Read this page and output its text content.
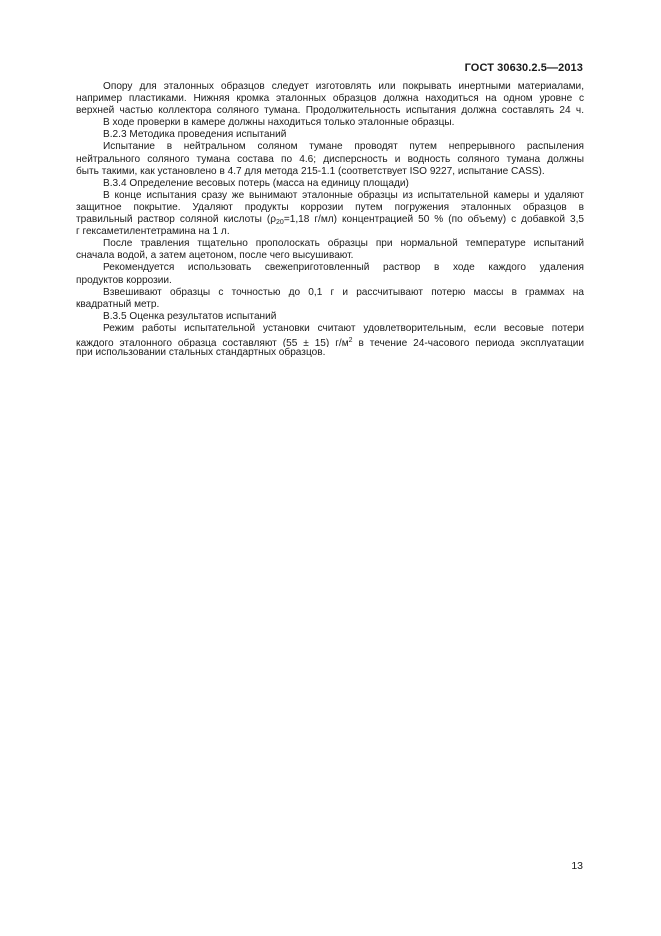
ГОСТ 30630.2.5—2013
Опору для эталонных образцов следует изготовлять или покрывать инертными материалами,
например пластиками. Нижняя кромка эталонных образцов должна находиться на одном уровне с
верхней частью коллектора соляного тумана. Продолжительность испытания должна составлять 24 ч.
В ходе проверки в камере должны находиться только эталонные образцы.
В.2.3 Методика проведения испытаний
Испытание в нейтральном соляном тумане проводят путем непрерывного распыления
нейтрального соляного тумана состава по 4.6; дисперсность и водность соляного тумана должны
быть такими, как установлено в 4.7 для метода 215-1.1 (соответствует ISO 9227, испытание CASS).
В.3.4 Определение весовых потерь (масса на единицу площади)
В конце испытания сразу же вынимают эталонные образцы из испытательной камеры и удаляют
защитное покрытие. Удаляют продукты коррозии путем погружения эталонных образцов в
травильный раствор соляной кислоты ($\rho_{20}=1,18$ г/мл) концентрацией 50 % (по объему) с добавкой 3,5
г гексаметилентетрамина на 1 л.
После травления тщательно прополоскать образцы при нормальной температуре испытаний
сначала водой, а затем ацетоном, после чего высушивают.
Рекомендуется использовать свежеприготовленный раствор в ходе каждого удаления
продуктов коррозии.
Взвешивают образцы с точностью до 0,1 г и рассчитывают потерю массы в граммах на
квадратный метр.
В.3.5 Оценка результатов испытаний
Режим работы испытательной установки считают удовлетворительным, если весовые потери
каждого эталонного образца составляют (55 ± 15) $г/м^2$ в течение 24-часового периода эксплуатации
при использовании стальных стандартных образцов.
13
